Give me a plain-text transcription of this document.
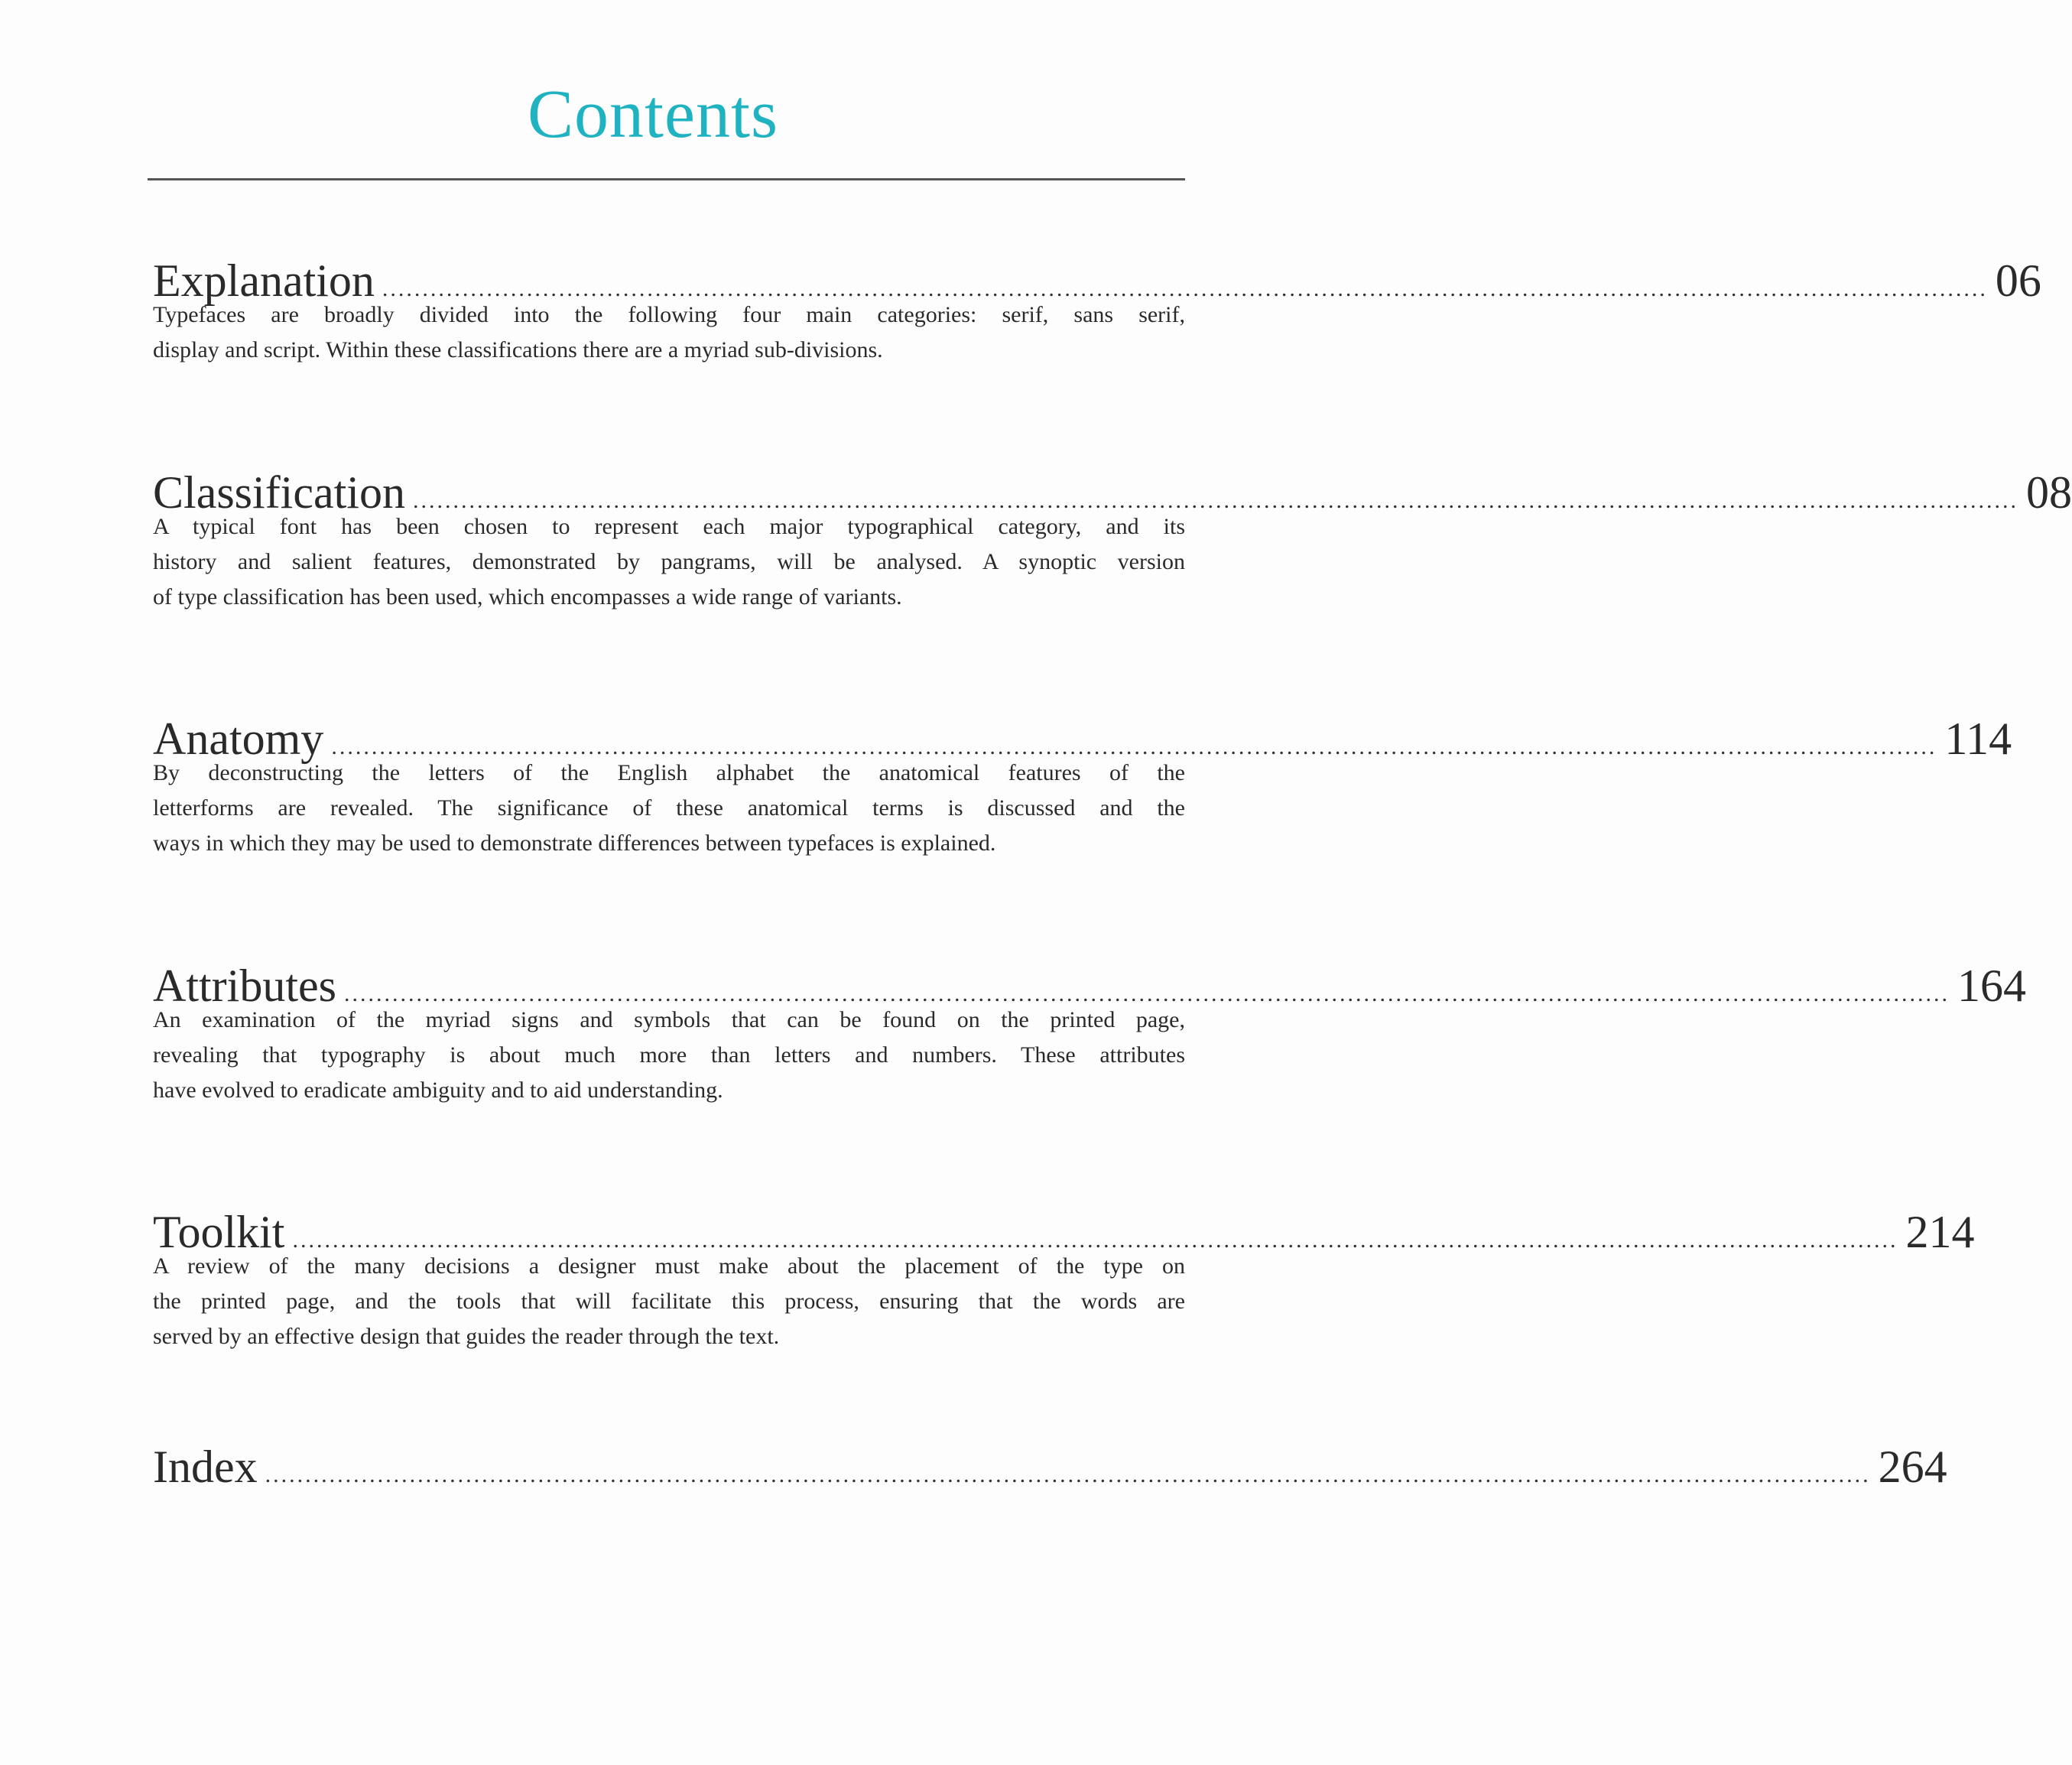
Contents
Explanation ........................................................................................................................................................................................................ 06
Typefaces are broadly divided into the following four main categories: serif, sans serif,
display and script. Within these classifications there are a myriad sub-divisions.
Classification ........................................................................................................................................................................................................ 08
A typical font has been chosen to represent each major typographical category, and its
history and salient features, demonstrated by pangrams, will be analysed. A synoptic version
of type classification has been used, which encompasses a wide range of variants.
Anatomy ........................................................................................................................................................................................................ 114
By deconstructing the letters of the English alphabet the anatomical features of the
letterforms are revealed. The significance of these anatomical terms is discussed and the
ways in which they may be used to demonstrate differences between typefaces is explained.
Attributes ........................................................................................................................................................................................................ 164
An examination of the myriad signs and symbols that can be found on the printed page,
revealing that typography is about much more than letters and numbers. These attributes
have evolved to eradicate ambiguity and to aid understanding.
Toolkit ........................................................................................................................................................................................................ 214
A review of the many decisions a designer must make about the placement of the type on
the printed page, and the tools that will facilitate this process, ensuring that the words are
served by an effective design that guides the reader through the text.
Index ........................................................................................................................................................................................................ 264
